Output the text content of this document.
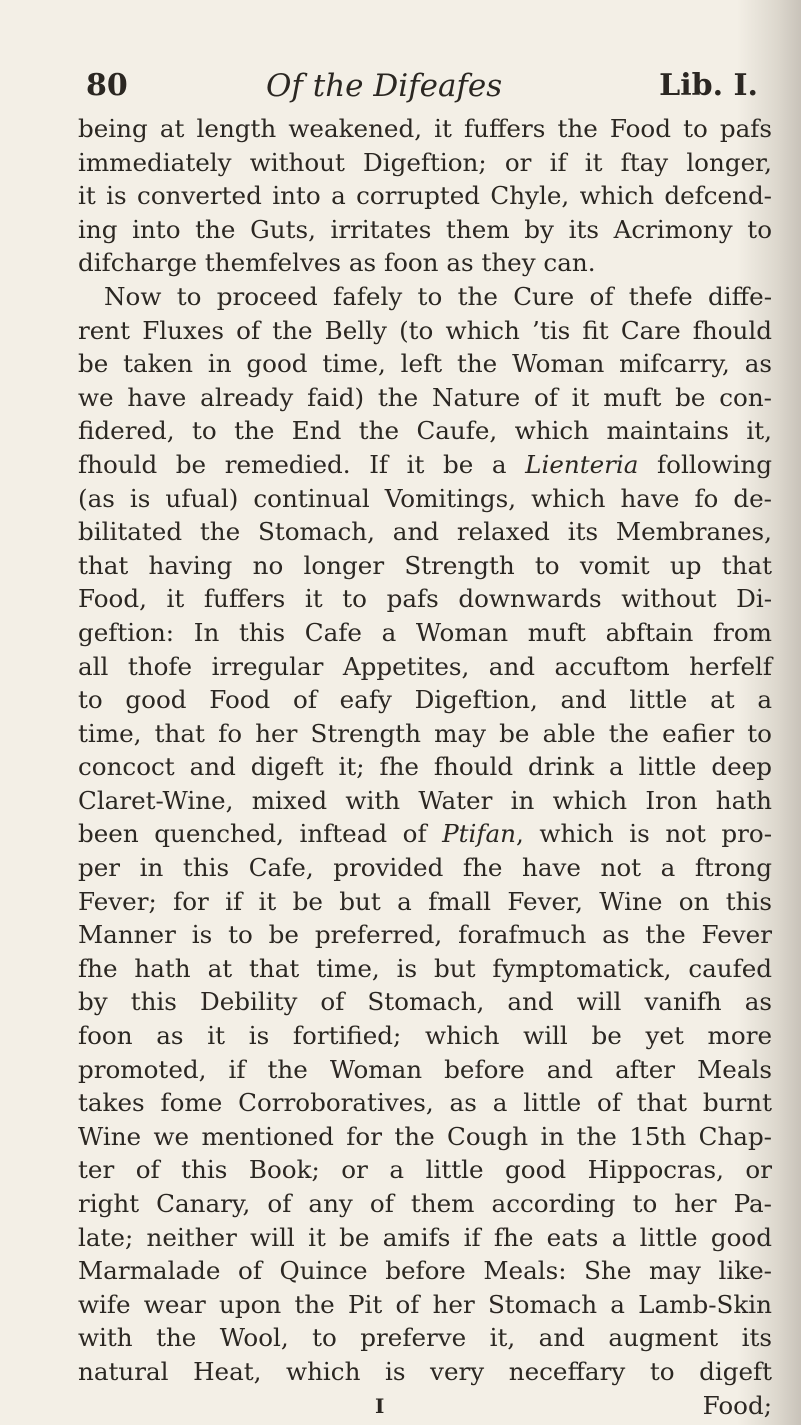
80	Of the Difeafes	Lib. I.
being at length weakened, it fuffers the Food to pafs
immediately without Digeftion; or if it ftay longer,
it is converted into a corrupted Chyle, which defcend-
ing into the Guts, irritates them by its Acrimony to
difcharge themfelves as foon as they can.
Now to proceed fafely to the Cure of thefe diffe-
rent Fluxes of the Belly (to which ’tis fit Care fhould
be taken in good time, left the Woman mifcarry, as
we have already faid) the Nature of it muft be con-
fidered, to the End the Caufe, which maintains it,
fhould be remedied. If it be a Lienteria following
(as is ufual) continual Vomitings, which have fo de-
bilitated the Stomach, and relaxed its Membranes,
that having no longer Strength to vomit up that
Food, it fuffers it to pafs downwards without Di-
geftion: In this Cafe a Woman muft abftain from
all thofe irregular Appetites, and accuftom herfelf
to good Food of eafy Digeftion, and little at a
time, that fo her Strength may be able the eafier to
concoct and digeft it; fhe fhould drink a little deep
Claret-Wine, mixed with Water in which Iron hath
been quenched, inftead of Ptifan, which is not pro-
per in this Cafe, provided fhe have not a ftrong
Fever; for if it be but a fmall Fever, Wine on this
Manner is to be preferred, forafmuch as the Fever
fhe hath at that time, is but fymptomatick, caufed
by this Debility of Stomach, and will vanifh as
foon as it is fortified; which will be yet more
promoted, if the Woman before and after Meals
takes fome Corroboratives, as a little of that burnt
Wine we mentioned for the Cough in the 15th Chap-
ter of this Book; or a little good Hippocras, or
right Canary, of any of them according to her Pa-
late; neither will it be amifs if fhe eats a little good
Marmalade of Quince before Meals: She may like-
wife wear upon the Pit of her Stomach a Lamb-Skin
with the Wool, to preferve it, and augment its
natural Heat, which is very neceffary to digeft
Food;
I
